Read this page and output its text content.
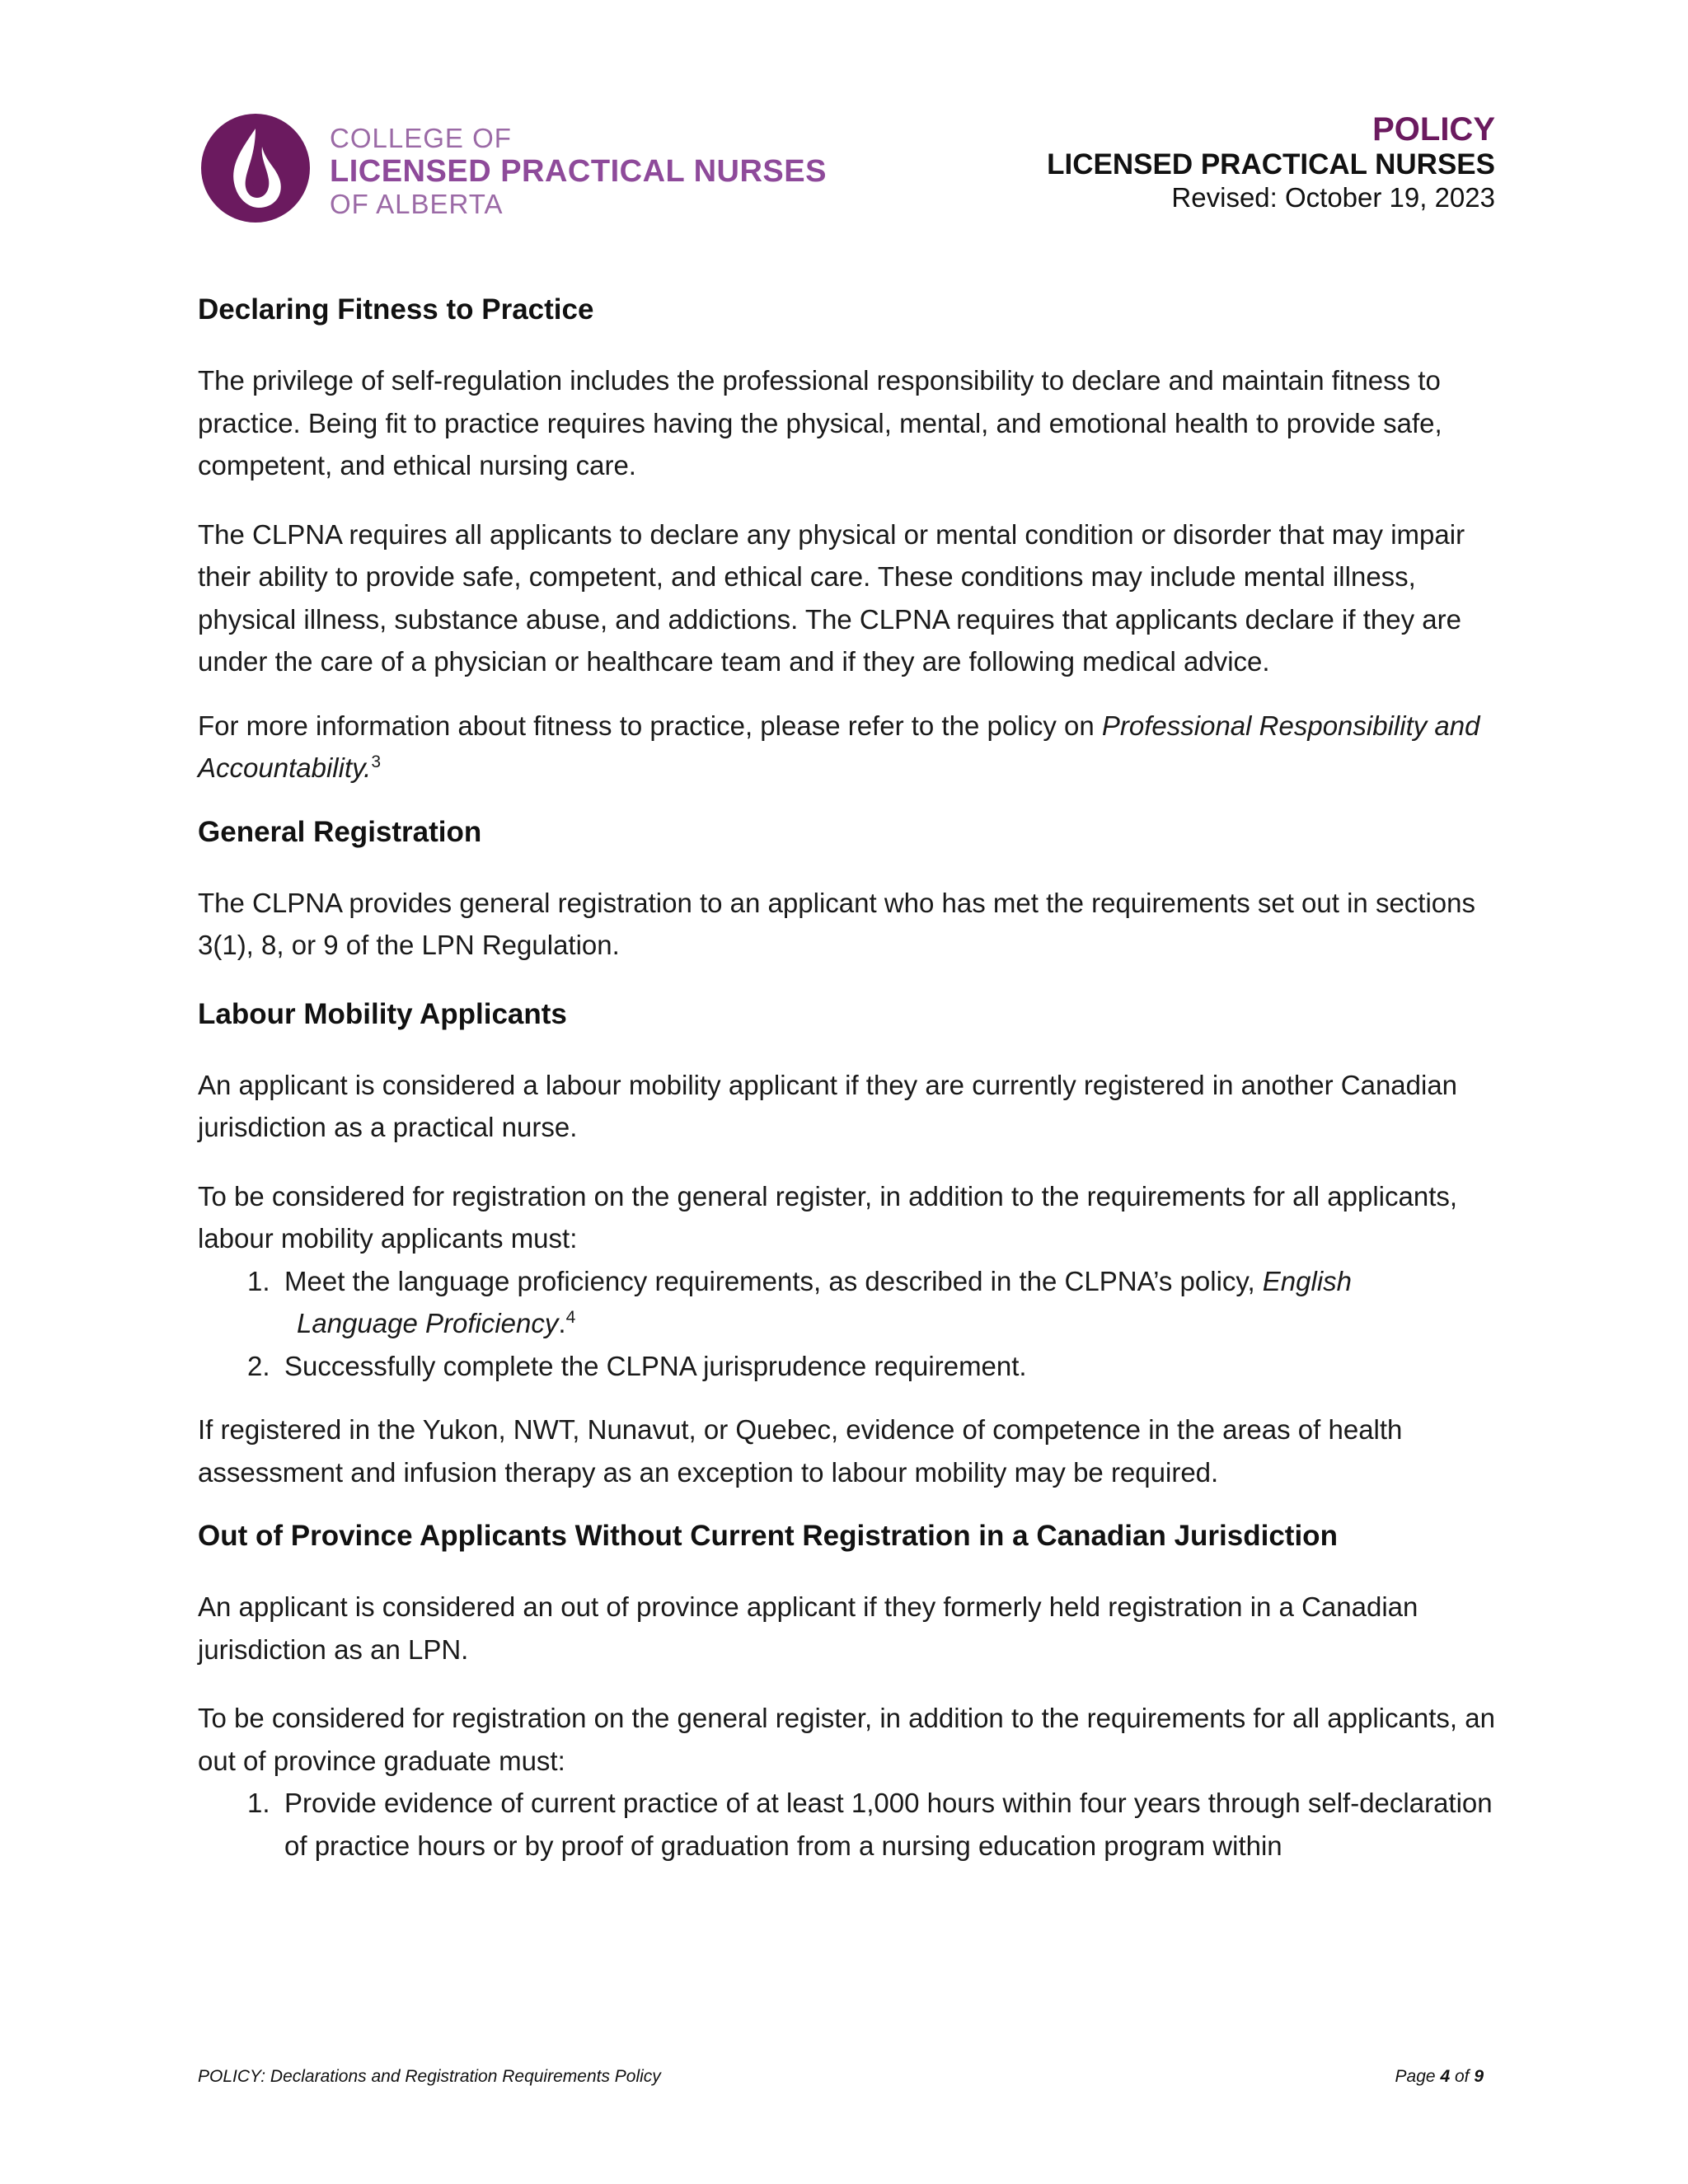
COLLEGE OF
LICENSED PRACTICAL NURSES
OF ALBERTA
POLICY
LICENSED PRACTICAL NURSES
Revised: October 19, 2023
Declaring Fitness to Practice

The privilege of self-regulation includes the professional responsibility to declare and maintain fitness to practice. Being fit to practice requires having the physical, mental, and emotional health to provide safe, competent, and ethical nursing care.

The CLPNA requires all applicants to declare any physical or mental condition or disorder that may impair their ability to provide safe, competent, and ethical care. These conditions may include mental illness, physical illness, substance abuse, and addictions. The CLPNA requires that applicants declare if they are under the care of a physician or healthcare team and if they are following medical advice.

For more information about fitness to practice, please refer to the policy on Professional Responsibility and Accountability.$^3$

General Registration

The CLPNA provides general registration to an applicant who has met the requirements set out in sections 3(1), 8, or 9 of the LPN Regulation.

Labour Mobility Applicants

An applicant is considered a labour mobility applicant if they are currently registered in another Canadian jurisdiction as a practical nurse.

To be considered for registration on the general register, in addition to the requirements for all applicants, labour mobility applicants must:

1. Meet the language proficiency requirements, as described in the CLPNA’s policy, English
Language Proficiency.$^4$
2. Successfully complete the CLPNA jurisprudence requirement.

If registered in the Yukon, NWT, Nunavut, or Quebec, evidence of competence in the areas of health assessment and infusion therapy as an exception to labour mobility may be required.

Out of Province Applicants Without Current Registration in a Canadian Jurisdiction

An applicant is considered an out of province applicant if they formerly held registration in a Canadian jurisdiction as an LPN.

To be considered for registration on the general register, in addition to the requirements for all applicants, an out of province graduate must:

1. Provide evidence of current practice of at least 1,000 hours within four years through self-declaration of practice hours or by proof of graduation from a nursing education program within
POLICY: Declarations and Registration Requirements Policy	Page 4 of 9
